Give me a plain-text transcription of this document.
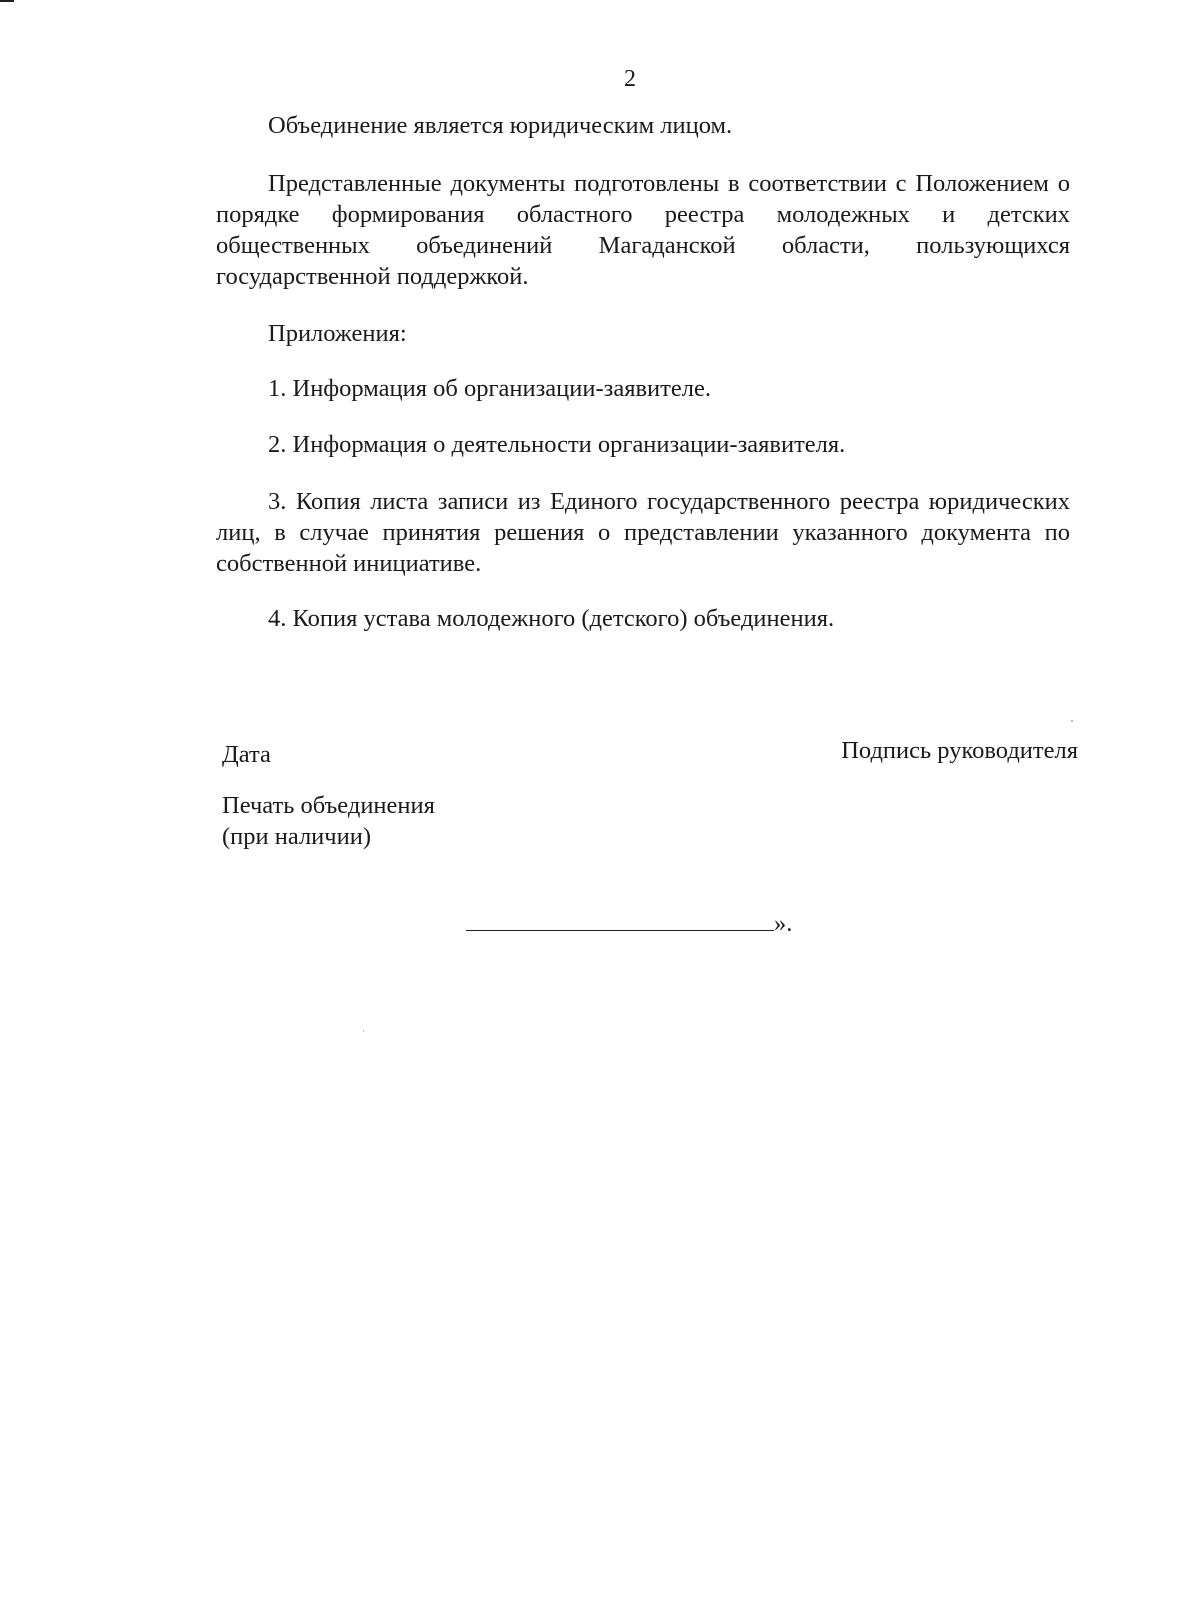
2

Объединение является юридическим лицом.

Представленные документы подготовлены в соответствии с Положением о порядке формирования областного реестра молодежных и детских общественных объединений Магаданской области, пользующихся государственной поддержкой.

Приложения:

1. Информация об организации-заявителе.

2. Информация о деятельности организации-заявителя.

3. Копия листа записи из Единого государственного реестра юридических лиц, в случае принятия решения о представлении указанного документа по собственной инициативе.

4. Копия устава молодежного (детского) объединения.

Дата	Подпись руководителя
Печать объединения
(при наличии)
».
